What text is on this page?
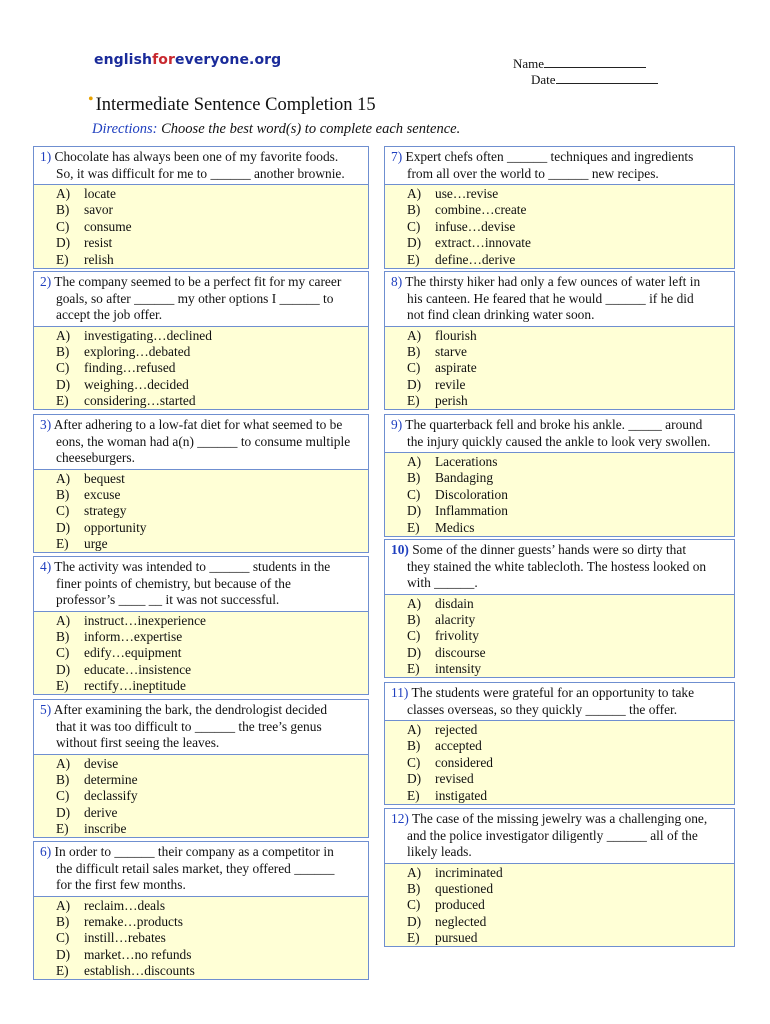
englishforeveryone.org	Name
Date
• Intermediate Sentence Completion 15
Directions: Choose the best word(s) to complete each sentence.
1) Chocolate has always been one of my favorite foods.
So, it was difficult for me to ______ another brownie.
A) locate
B) savor
C) consume
D) resist
E) relish
2) The company seemed to be a perfect fit for my career
goals, so after ______ my other options I ______ to
accept the job offer.
A) investigating…declined
B) exploring…debated
C) finding…refused
D) weighing…decided
E) considering…started
3) After adhering to a low-fat diet for what seemed to be
eons, the woman had a(n) ______ to consume multiple
cheeseburgers.
A) bequest
B) excuse
C) strategy
D) opportunity
E) urge
4) The activity was intended to ______ students in the
finer points of chemistry, but because of the
professor’s ____ __ it was not successful.
A) instruct…inexperience
B) inform…expertise
C) edify…equipment
D) educate…insistence
E) rectify…ineptitude
5) After examining the bark, the dendrologist decided
that it was too difficult to ______ the tree’s genus
without first seeing the leaves.
A) devise
B) determine
C) declassify
D) derive
E) inscribe
6) In order to ______ their company as a competitor in
the difficult retail sales market, they offered ______
for the first few months.
A) reclaim…deals
B) remake…products
C) instill…rebates
D) market…no refunds
E) establish…discounts
7) Expert chefs often ______ techniques and ingredients
from all over the world to ______ new recipes.
A) use…revise
B) combine…create
C) infuse…devise
D) extract…innovate
E) define…derive
8) The thirsty hiker had only a few ounces of water left in
his canteen. He feared that he would ______ if he did
not find clean drinking water soon.
A) flourish
B) starve
C) aspirate
D) revile
E) perish
9) The quarterback fell and broke his ankle. _____ around
the injury quickly caused the ankle to look very swollen.
A) Lacerations
B) Bandaging
C) Discoloration
D) Inflammation
E) Medics
10) Some of the dinner guests’ hands were so dirty that
they stained the white tablecloth. The hostess looked on
with ______.
A) disdain
B) alacrity
C) frivolity
D) discourse
E) intensity
11) The students were grateful for an opportunity to take
classes overseas, so they quickly ______ the offer.
A) rejected
B) accepted
C) considered
D) revised
E) instigated
12) The case of the missing jewelry was a challenging one,
and the police investigator diligently ______ all of the
likely leads.
A) incriminated
B) questioned
C) produced
D) neglected
E) pursued
